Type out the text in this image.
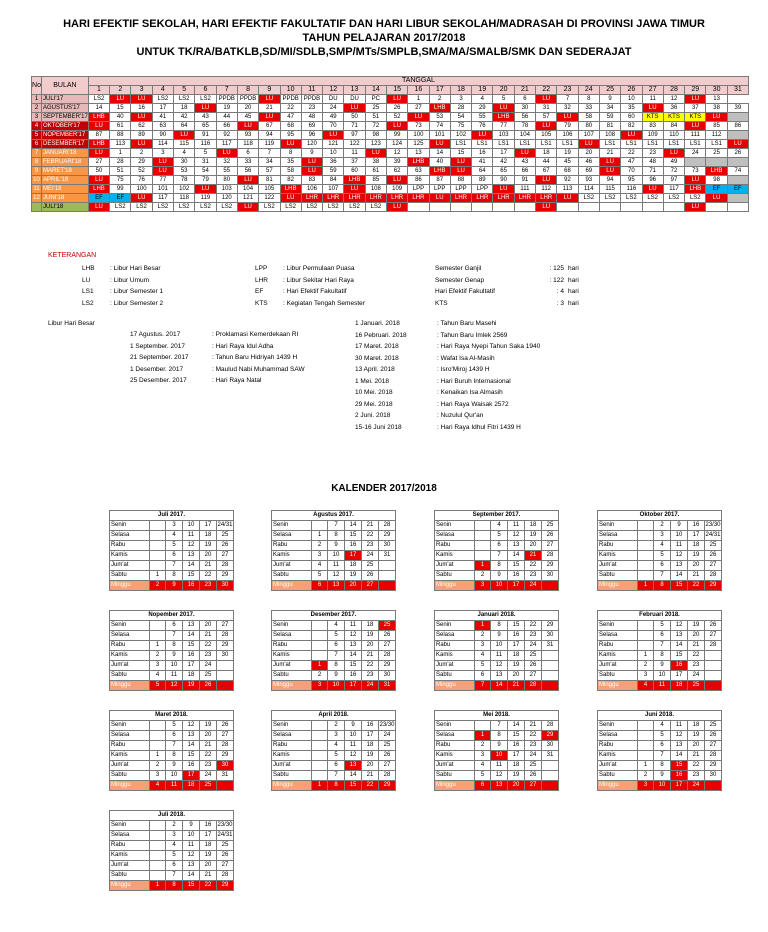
HARI EFEKTIF SEKOLAH, HARI EFEKTIF FAKULTATIF DAN HARI LIBUR SEKOLAH/MADRASAH DI PROVINSI JAWA TIMUR
TAHUN PELAJARAN 2017/2018
UNTUK TK/RA/BATKLB,SD/MI/SDLB,SMP/MTs/SMPLB,SMA/MA/SMALB/SMK DAN SEDERAJAT
No	BULAN	TANGGAL																														
		1	2	3	4	5	6	7	8	9	10	11	12	13	14	15	16	17	18	19	20	21	22	23	24	25	26	27	28	29	30	31
1	JULI'17	LS2	LU	LU	LS2	LS2	LS2	PPDB	PPDB	LU	PPDB	PPDB	DU	DU	PC	LU	1	2	3	4	5	6	LU	7	8	9	10	11	12	LU	13	
2	AGUSTUS'17	14	15	16	17	18	LU	19	20	21	22	23	24	LU	25	26	27	LHB	28	29	LU	30	31	32	33	34	35	LU	36	37	38	39
3	SEPTEMBER'17	LHB	40	LU	41	42	43	44	45	LU	47	48	49	50	51	52	LU	53	54	55	LHB	56	57	LU	58	59	60	KTS	KTS	KTS	LU	
4	OKTOBER'17	LU	61	62	63	64	65	66	LU	67	68	69	70	71	72	LU	73	74	75	76	77	78	LU	79	80	81	82	83	84	LU	85	86
5	NOPEMBER'17	87	88	89	90	LU	91	92	93	94	95	96	LU	97	98	99	100	101	102	LU	103	104	105	106	107	108	LU	109	110	111	112	
6	DESEMBER'17	LHB	113	LU	114	115	116	117	118	119	LU	120	121	122	123	124	125	LU	LS1	LS1	LS1	LS1	LS1	LS1	LU	LS1	LS1	LS1	LS1	LS1	LS1	LU
7	JANUARI'18	LU	1	2	3	4	5	LU	6	7	8	9	10	11	LU	12	13	14	15	16	17	LU	18	19	20	21	22	23	LU	24	25	26
8	FEBRUARI'18	27	28	29	LU	30	31	32	33	34	35	LU	36	37	38	39	LHB	40	LU	41	42	43	44	45	46	LU	47	48	49			
9	MARET'18	50	51	52	LU	53	54	55	56	57	58	LU	59	60	61	62	63	LHB	LU	64	65	66	67	68	69	LU	70	71	72	73	LHB	74
10	APRIL'18	LU	75	76	77	78	79	80	LU	81	82	83	84	LHB	85	LU	86	87	88	89	90	91	LU	92	93	94	95	96	97	LU	98	
11	MEI'18	LHB	99	100	101	102	LU	103	104	105	LHB	106	107	LU	108	109	LPP	LPP	LPP	LPP	LU	111	112	113	114	115	116	LU	117	LHB	EF	EF
12	JUNI'18	EF	EF	LU	117	118	119	120	121	122	LU	LHR	LHR	LHR	LHR	LHR	LHR	LU	LHR	LHR	LHR	LHR	LHR	LU	LS2	LS2	LS2	LS2	LS2	LS2	LU	
	JULI'18	LU	LS2	LS2	LS2	LS2	LS2	LS2	LU	LS2	LS2	LS2	LS2	LS2	LS2	LU							LU							LU		
KETERANGAN
LHB : Libur Hari Besar
LU	: Libur Umum
LS1	: Libur Semester 1
LS2	: Libur Semester 2
LPP : Libur Permulaan Puasa
LHR : Libur Sekitar Hari Raya
EF	: Hari Efektif Fakultatif
KTS : Kegiatan Tengah Semester
Semester Ganjil	: 125 hari
Semester Genap	: 122 hari
Hari Efektif Fakultatif	: 4 hari
KTS	: 3 hari
Libur Hari Besar
17 Agustus. 2017	: Proklamasi Kemerdekaan RI
1 September. 2017	: Hari Raya Idul Adha
21 September. 2017	: Tahun Baru Hidriyah 1439 H
1 Desember. 2017	: Maulud Nabi Muhammad SAW
25 Desember. 2017	: Hari Raya Natal
1 Januari. 2018	: Tahun Baru Masehi
16 Pebruari. 2018	: Tahun Baru Imlek 2569
17 Maret. 2018	: Hari Raya Nyepi Tahun Saka 1940
30 Maret. 2018	: Wafat Isa Al-Masih
13 April. 2018	: Isro'Miroj 1439 H
1 Mei. 2018	: Hari Buruh Internasional
10 Mei. 2018	: Kenaikan Isa Almasih
29 Mei. 2018	: Hari Raya Waisak 2572
2 Juni. 2018	: Nuzulul Qur'an
15-16 Juni 2018	: Hari Raya Idhul Fitri 1439 H
KALENDER 2017/2018
Juli 2017.					
Senin		3	10	17	24/31
Selasa		4	11	18	25
Rabu		5	12	19	26
Kamis		6	13	20	27
Jum'at		7	14	21	28
Sabtu	1	8	15	22	29
Minggu	2	9	16	23	30
Agustus 2017.					
Senin		7	14	21	28
Selasa	1	8	15	22	29
Rabu	2	9	16	23	30
Kamis	3	10	17	24	31
Jum'at	4	11	18	25	
Sabtu	5	12	19	26	
Minggu	6	13	20	27	
September 2017.					
Senin		4	11	18	25
Selasa		5	12	19	26
Rabu		6	13	20	27
Kamis		7	14	21	28
Jum'at	1	8	15	22	29
Sabtu	2	9	16	23	30
Minggu	3	10	17	24	
Oktober 2017.					
Senin		2	9	16	23/30
Selasa		3	10	17	24/31
Rabu		4	11	18	25
Kamis		5	12	19	26
Jum'at		6	13	20	27
Sabtu		7	14	21	28
Minggu	1	8	15	22	29
Nopember 2017.					
Senin		6	13	20	27
Selasa		7	14	21	28
Rabu	1	8	15	22	29
Kamis	2	9	16	23	30
Jum'at	3	10	17	24	
Sabtu	4	11	18	25	
Minggu	5	12	19	26	
Desember 2017.					
Senin		4	11	18	25
Selasa		5	12	19	26
Rabu		6	13	20	27
Kamis		7	14	21	28
Jum'at	1	8	15	22	29
Sabtu	2	9	16	23	30
Minggu	3	10	17	24	31
Januari 2018.					
Senin	1	8	15	22	29
Selasa	2	9	16	23	30
Rabu	3	10	17	24	31
Kamis	4	11	18	25	
Jum'at	5	12	19	26	
Sabtu	6	13	20	27	
Minggu	7	14	21	28	
Februari 2018.					
Senin		5	12	19	26
Selasa		6	13	20	27
Rabu		7	14	21	28
Kamis	1	8	15	22	
Jum'at	2	9	16	23	
Sabtu	3	10	17	24	
Minggu	4	11	18	25	
Maret 2018.					
Senin		5	12	19	26
Selasa		6	13	20	27
Rabu		7	14	21	28
Kamis	1	8	15	22	29
Jum'at	2	9	16	23	30
Sabtu	3	10	17	24	31
Minggu	4	11	18	25	
April 2018.					
Senin		2	9	16	23/30
Selasa		3	10	17	24
Rabu		4	11	18	25
Kamis		5	12	19	26
Jum'at		6	13	20	27
Sabtu		7	14	21	28
Minggu	1	8	15	22	29
Mei 2018.					
Senin		7	14	21	28
Selasa	1	8	15	22	29
Rabu	2	9	16	23	30
Kamis	3	10	17	24	31
Jum'at	4	11	18	25	
Sabtu	5	12	19	26	
Minggu	6	13	20	27	
Juni 2018.					
Senin		4	11	18	25
Selasa		5	12	19	26
Rabu		6	13	20	27
Kamis		7	14	21	28
Jum'at	1	8	15	22	29
Sabtu	2	9	16	23	30
Minggu	3	10	17	24	
Juli 2018.					
Senin		2	9	16	23/30
Selasa		3	10	17	24/31
Rabu		4	11	18	25
Kamis		5	12	19	26
Jum'at		6	13	20	27
Sabtu		7	14	21	28
Minggu	1	8	15	22	29
